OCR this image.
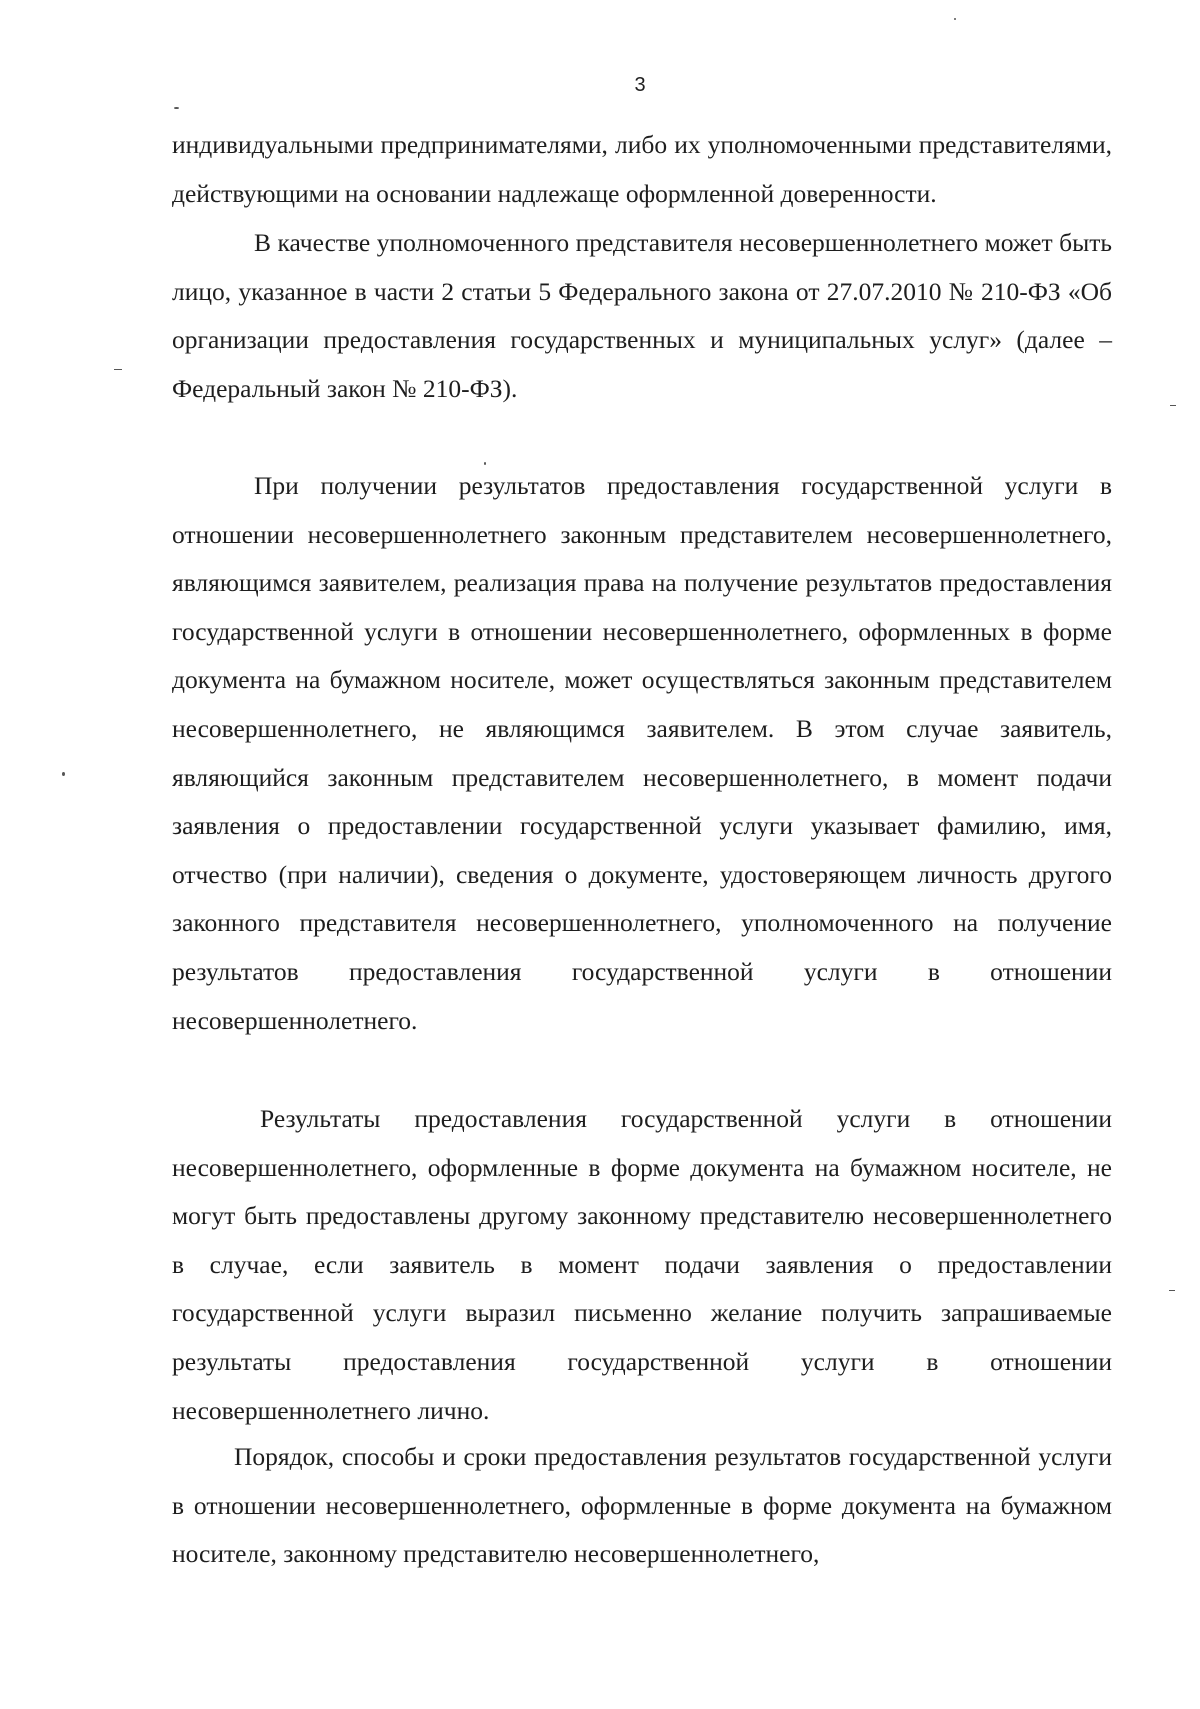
3

индивидуальными предпринимателями, либо их уполномоченными представителями, действующими на основании надлежаще оформленной доверенности.

В качестве уполномоченного представителя несовершеннолетнего может быть лицо, указанное в части 2 статьи 5 Федерального закона от 27.07.2010 № 210-ФЗ «Об организации предоставления государственных и муниципальных услуг» (далее – Федеральный закон № 210-ФЗ).

При получении результатов предоставления государственной услуги в отношении несовершеннолетнего законным представителем несовершеннолетнего, являющимся заявителем, реализация права на получение результатов предоставления государственной услуги в отношении несовершеннолетнего, оформленных в форме документа на бумажном носителе, может осуществляться законным представителем несовершеннолетнего, не являющимся заявителем. В этом случае заявитель, являющийся законным представителем несовершеннолетнего, в момент подачи заявления о предоставлении государственной услуги указывает фамилию, имя, отчество (при наличии), сведения о документе, удостоверяющем личность другого законного представителя несовершеннолетнего, уполномоченного на получение результатов предоставления государственной услуги в отношении несовершеннолетнего.

Результаты предоставления государственной услуги в отношении несовершеннолетнего, оформленные в форме документа на бумажном носителе, не могут быть предоставлены другому законному представителю несовершеннолетнего в случае, если заявитель в момент подачи заявления о предоставлении государственной услуги выразил письменно желание получить запрашиваемые результаты предоставления государственной услуги в отношении несовершеннолетнего лично.

Порядок, способы и сроки предоставления результатов государственной услуги в отношении несовершеннолетнего, оформленные в форме документа на бумажном носителе, законному представителю несовершеннолетнего,
